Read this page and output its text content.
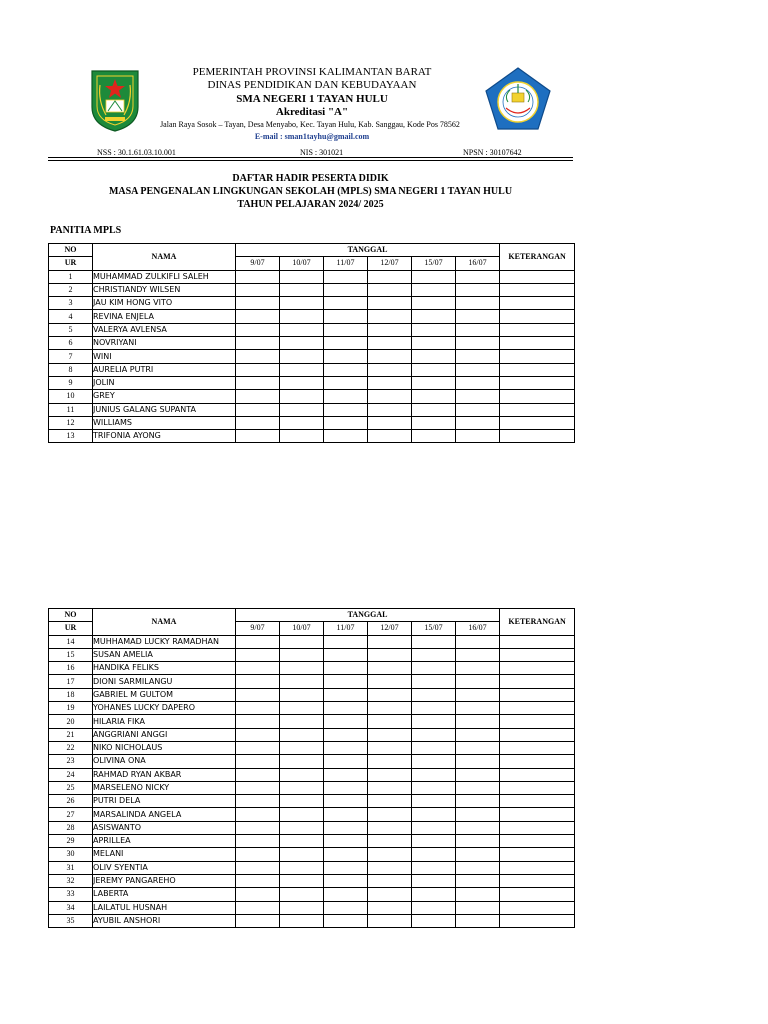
PEMERINTAH PROVINSI KALIMANTAN BARAT
DINAS PENDIDIKAN DAN KEBUDAYAAN
SMA NEGERI 1 TAYAN HULU
Akreditasi "A"
Jalan Raya Sosok – Tayan, Desa Menyabo, Kec. Tayan Hulu, Kab. Sanggau, Kode Pos 78562
E-mail : sman1tayhu@gmail.com
NSS : 30.1.61.03.10.001	NIS : 301021	NPSN : 30107642
DAFTAR HADIR PESERTA DIDIK
MASA PENGENALAN LINGKUNGAN SEKOLAH (MPLS) SMA NEGERI 1 TAYAN HULU
TAHUN PELAJARAN 2024/ 2025
PANITIA MPLS
NO	NAMA	TANGGAL						KETERANGAN
UR		9/07	10/07	11/07	12/07	15/07	16/07	
1	MUHAMMAD ZULKIFLI SALEH							
2	CHRISTIANDY WILSEN							
3	JAU KIM HONG VITO							
4	REVINA ENJELA							
5	VALERYA AVLENSA							
6	NOVRIYANI							
7	WINI							
8	AURELIA PUTRI							
9	JOLIN							
10	GREY							
11	JUNIUS GALANG SUPANTA							
12	WILLIAMS							
13	TRIFONIA AYONG							
NO	NAMA	TANGGAL						KETERANGAN
UR		9/07	10/07	11/07	12/07	15/07	16/07	
14	MUHHAMAD LUCKY RAMADHAN							
15	SUSAN AMELIA							
16	HANDIKA FELIKS							
17	DIONI SARMILANGU							
18	GABRIEL M GULTOM							
19	YOHANES LUCKY DAPERO							
20	HILARIA FIKA							
21	ANGGRIANI ANGGI							
22	NIKO NICHOLAUS							
23	OLIVINA ONA							
24	RAHMAD RYAN AKBAR							
25	MARSELENO NICKY							
26	PUTRI DELA							
27	MARSALINDA ANGELA							
28	ASISWANTO							
29	APRILLEA							
30	MELANI							
31	OLIV SYENTIA							
32	JEREMY PANGAREHO							
33	LABERTA							
34	LAILATUL HUSNAH							
35	AYUBIL ANSHORI							
